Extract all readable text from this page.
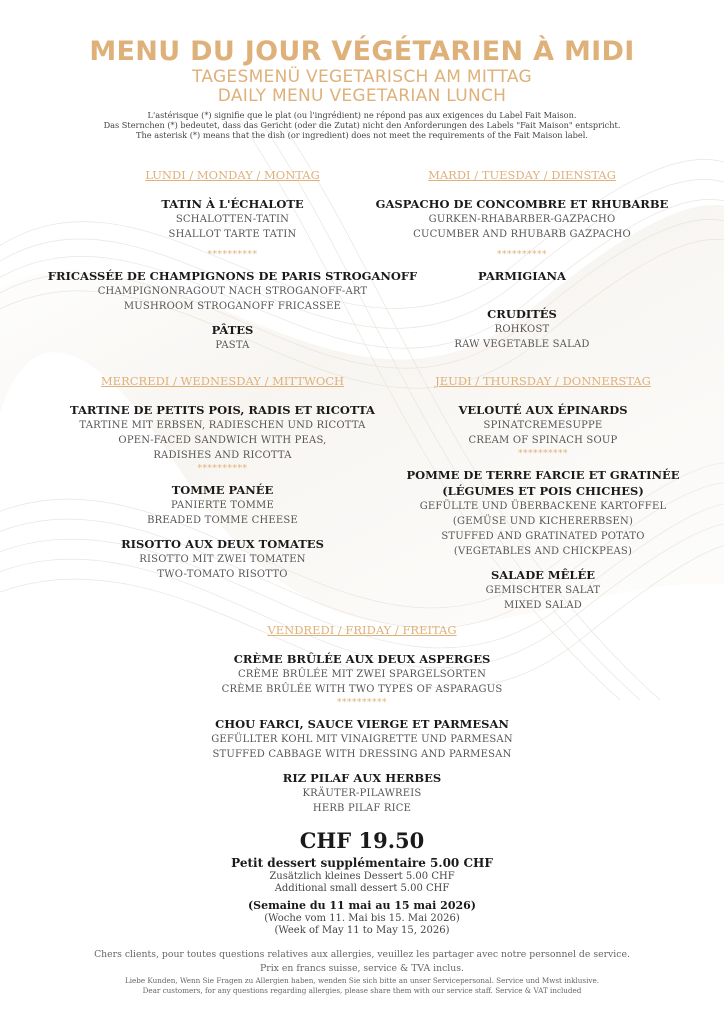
MENU DU JOUR VÉGÉTARIEN À MIDI
TAGESMENÜ VEGETARISCH AM MITTAG
DAILY MENU VEGETARIAN LUNCH
L'astérisque (*) signifie que le plat (ou l'ingrédient) ne répond pas aux exigences du Label Fait Maison.
Das Sternchen (*) bedeutet, dass das Gericht (oder die Zutat) nicht den Anforderungen des Labels "Fait Maison" entspricht.
The asterisk (*) means that the dish (or ingredient) does not meet the requirements of the Fait Maison label.
LUNDI / MONDAY / MONTAG
TATIN À L'ÉCHALOTE
SCHALOTTEN-TATIN
SHALLOT TARTE TATIN
**********
FRICASSÉE DE CHAMPIGNONS DE PARIS STROGANOFF
CHAMPIGNONRAGOUT NACH STROGANOFF-ART
MUSHROOM STROGANOFF FRICASSEE
PÂTES
PASTA
MARDI / TUESDAY / DIENSTAG
GASPACHO DE CONCOMBRE ET RHUBARBE
GURKEN-RHABARBER-GAZPACHO
CUCUMBER AND RHUBARB GAZPACHO
**********
PARMIGIANA
CRUDITÉS
ROHKOST
RAW VEGETABLE SALAD
MERCREDI / WEDNESDAY / MITTWOCH
TARTINE DE PETITS POIS, RADIS ET RICOTTA
TARTINE MIT ERBSEN, RADIESCHEN UND RICOTTA
OPEN-FACED SANDWICH WITH PEAS,
RADISHES AND RICOTTA
**********
TOMME PANÉE
PANIERTE TOMME
BREADED TOMME CHEESE
RISOTTO AUX DEUX TOMATES
RISOTTO MIT ZWEI TOMATEN
TWO-TOMATO RISOTTO
JEUDI / THURSDAY / DONNERSTAG
VELOUTÉ AUX ÉPINARDS
SPINATCREMESUPPE
CREAM OF SPINACH SOUP
**********
POMME DE TERRE FARCIE ET GRATINÉE
(LÉGUMES ET POIS CHICHES)
GEFÜLLTE UND ÜBERBACKENE KARTOFFEL
(GEMÜSE UND KICHERERBSEN)
STUFFED AND GRATINATED POTATO
(VEGETABLES AND CHICKPEAS)
SALADE MÊLÉE
GEMISCHTER SALAT
MIXED SALAD
VENDREDI / FRIDAY / FREITAG
CRÈME BRÛLÉE AUX DEUX ASPERGES
CRÈME BRÛLÉE MIT ZWEI SPARGELSORTEN
CRÈME BRÛLÉE WITH TWO TYPES OF ASPARAGUS
**********
CHOU FARCI, SAUCE VIERGE ET PARMESAN
GEFÜLLTER KOHL MIT VINAIGRETTE UND PARMESAN
STUFFED CABBAGE WITH DRESSING AND PARMESAN
RIZ PILAF AUX HERBES
KRÄUTER-PILAWREIS
HERB PILAF RICE
CHF 19.50
Petit dessert supplémentaire 5.00 CHF
Zusätzlich kleines Dessert 5.00 CHF
Additional small dessert 5.00 CHF
(Semaine du 11 mai au 15 mai 2026)
(Woche vom 11. Mai bis 15. Mai 2026)
(Week of May 11 to May 15, 2026)
Chers clients, pour toutes questions relatives aux allergies, veuillez les partager avec notre personnel de service.
Prix en francs suisse, service & TVA inclus.
Liebe Kunden, Wenn Sie Fragen zu Allergien haben, wenden Sie sich bitte an unser Servicepersonal. Service und Mwst inklusive.
Dear customers, for any questions regarding allergies, please share them with our service staff. Service & VAT included
